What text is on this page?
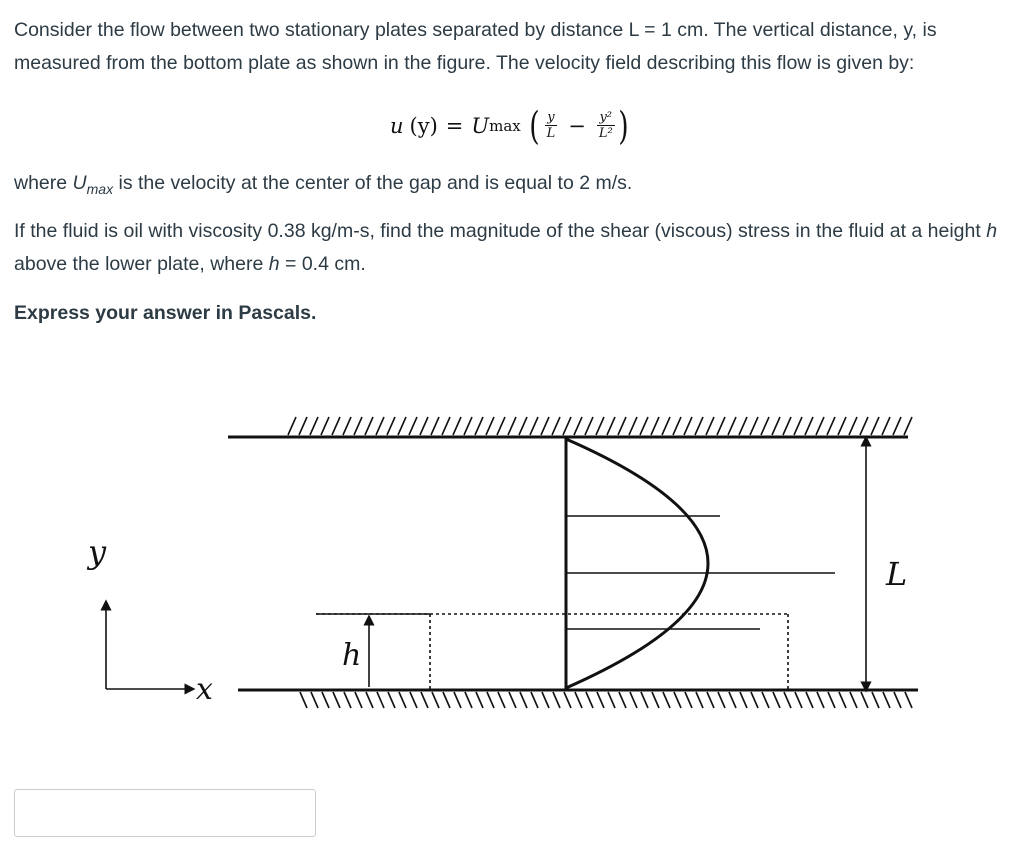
Consider the flow between two stationary plates separated by distance L = 1 cm. The vertical distance, y, is measured from the bottom plate as shown in the figure. The velocity field describing this flow is given by:

u (y) = U max ( $\frac{y}{L} - \frac{\text{y²}}{\text{L²}}$ )

where $U_{max}$ is the velocity at the center of the gap and is equal to 2 m/s.

If the fluid is oil with viscosity 0.38 kg/m-s, find the magnitude of the shear (viscous) stress in the fluid at a height h above the lower plate, where h = 0.4 cm.

Express your answer in Pascals.

h
L
y
x
